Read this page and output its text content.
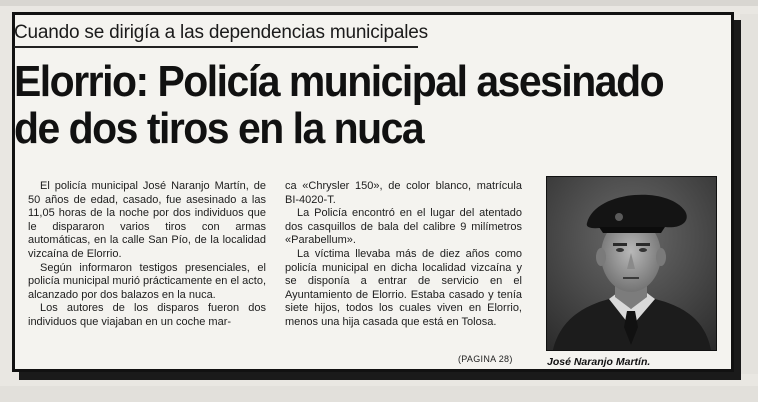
Cuando se dirigía a las dependencias municipales
Elorrio: Policía municipal asesinado
de dos tiros en la nuca

El policía municipal José Naranjo Martín, de 50 años de edad, casado, fue asesinado a las 11,05 horas de la noche por dos individuos que le dispararon varios tiros con armas automáticas, en la calle San Pío, de la localidad vizcaína de Elorrio.

Según informaron testigos presenciales, el policía municipal murió prácticamente en el acto, alcanzado por dos balazos en la nuca.

Los autores de los disparos fueron dos individuos que viajaban en un coche mar-

ca «Chrysler 150», de color blanco, matrícula BI-4020-T.

La Policía encontró en el lugar del atentado dos casquillos de bala del calibre 9 milímetros «Parabellum».

La víctima llevaba más de diez años como policía municipal en dicha localidad vizcaína y se disponía a entrar de servicio en el Ayuntamiento de Elorrio. Estaba casado y tenía siete hijos, todos los cuales viven en Elorrio, menos una hija casada que está en Tolosa.

(PAGINA 28)	José Naranjo Martín.
